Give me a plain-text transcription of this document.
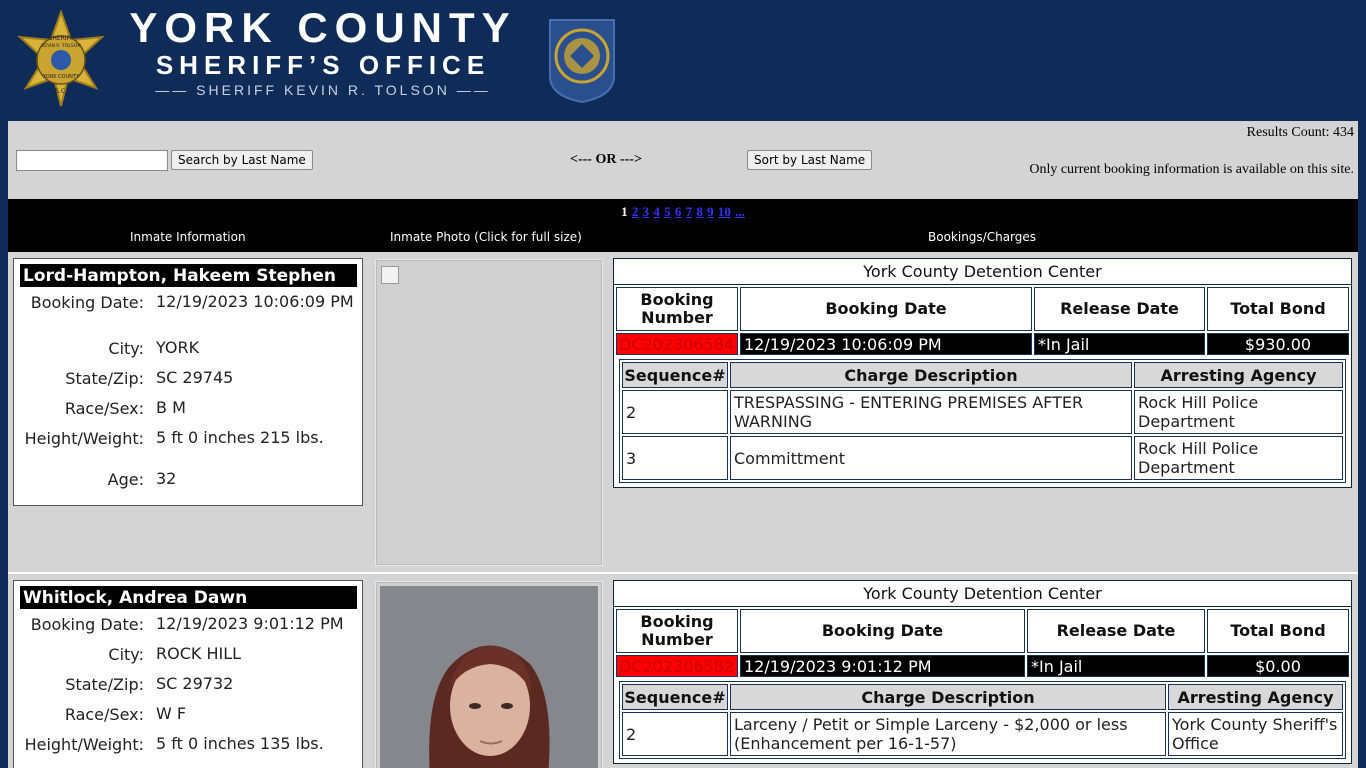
SHERIFF
KEVIN R. TOLSON
YORK COUNTY
S.C.
YORK COUNTY
SHERIFF’S OFFICE
—— SHERIFF KEVIN R. TOLSON ——
Search by Last Name	<--- OR --->	Sort by Last Name
Results Count: 434
Only current booking information is available on this site.
1 2 3 4 5 6 7 8 9 10 ...
Inmate Information	Inmate Photo (Click for full size)	Bookings/Charges
Lord-Hampton, Hakeem Stephen
Booking Date: 12/19/2023 10:06:09 PM
City: YORK
State/Zip: SC 29745
Race/Sex: B M
Height/Weight: 5 ft 0 inches 215 lbs.
Age: 32
York County Detention Center
Booking Number	Booking Date	Release Date	Total Bond
DC202306584	12/19/2023 10:06:09 PM	*In Jail	$930.00
Sequence#	Charge Description	Arresting Agency
2	TRESPASSING - ENTERING PREMISES AFTER WARNING	Rock Hill Police Department
3	Committment	Rock Hill Police Department
Whitlock, Andrea Dawn
Booking Date: 12/19/2023 9:01:12 PM
City: ROCK HILL
State/Zip: SC 29732
Race/Sex: W F
Height/Weight: 5 ft 0 inches 135 lbs.
York County Detention Center
Booking Number	Booking Date	Release Date	Total Bond
DC202306582	12/19/2023 9:01:12 PM	*In Jail	$0.00
Sequence#	Charge Description	Arresting Agency
2	Larceny / Petit or Simple Larceny - $2,000 or less (Enhancement per 16-1-57)	York County Sheriff's Office
